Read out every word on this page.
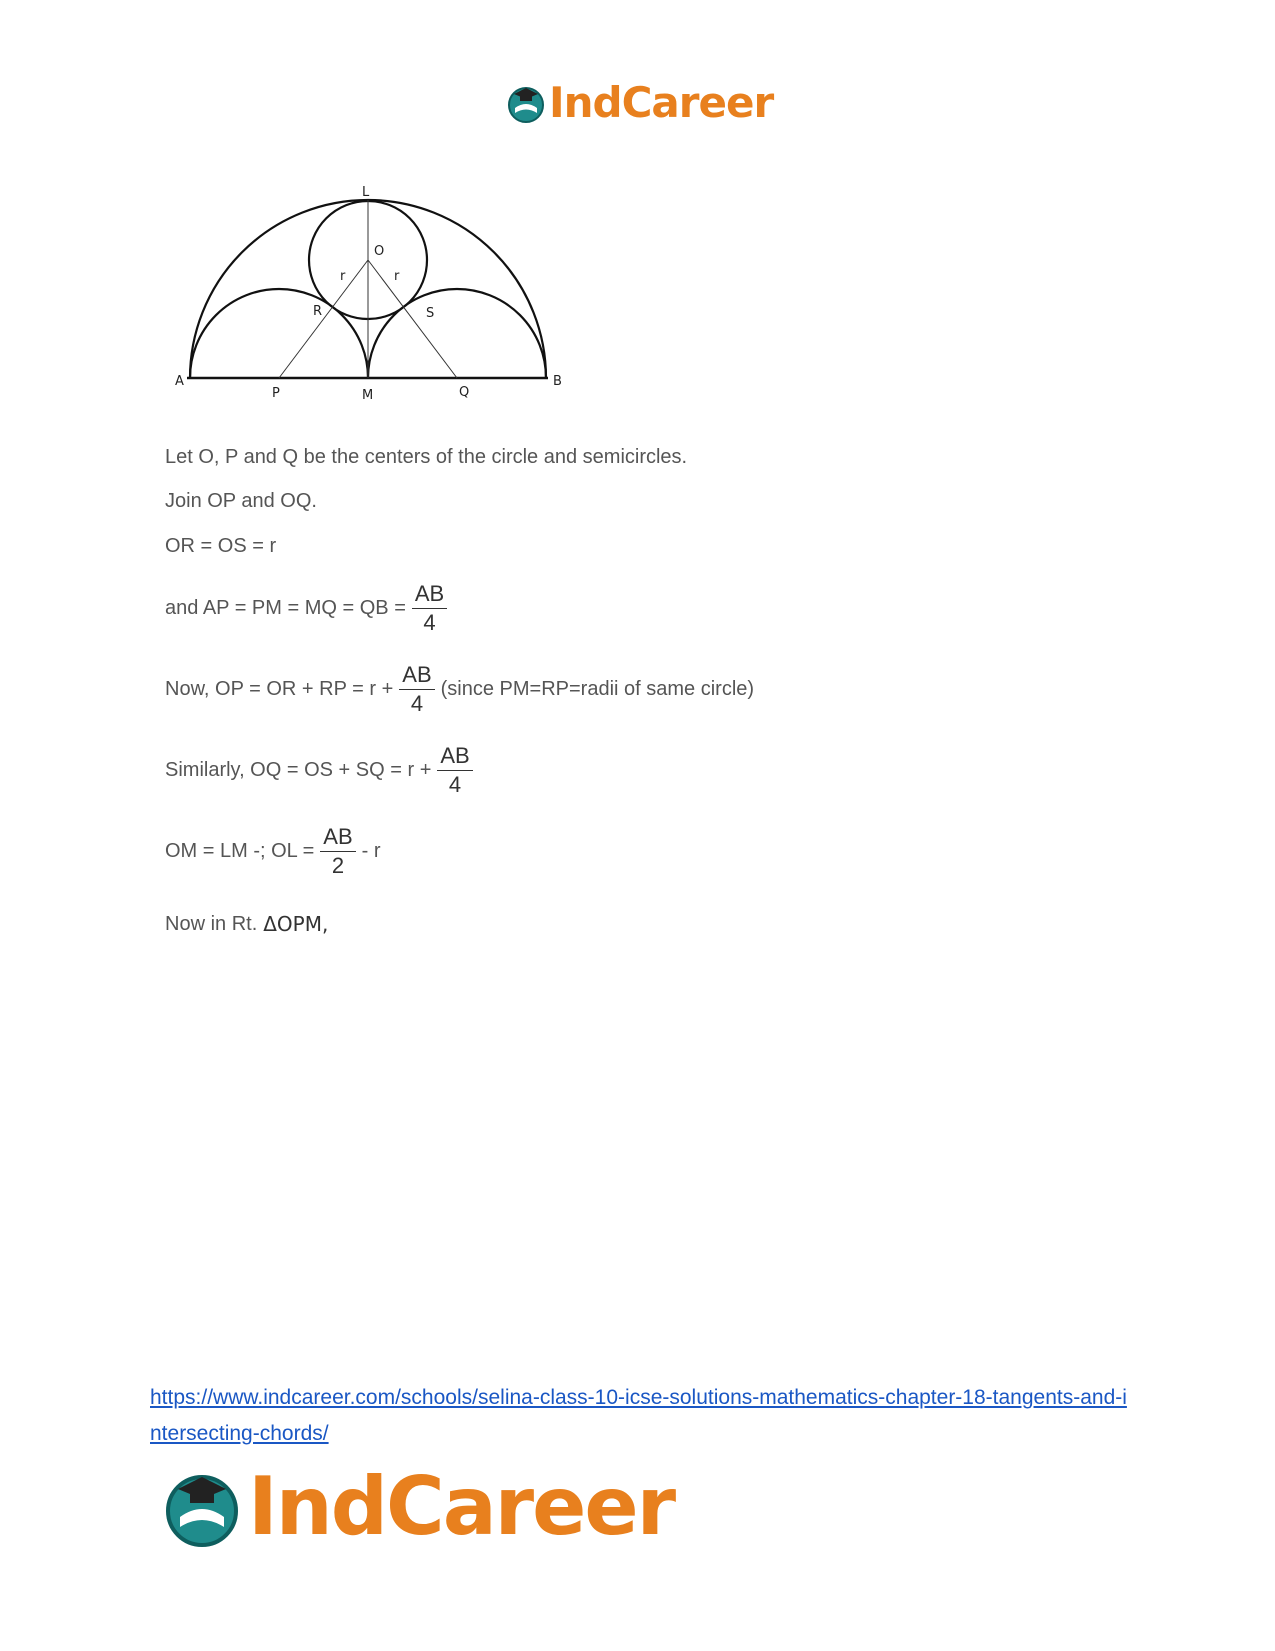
IndCareer
L
O
r	r
R	S
A
P	M	Q
B
Let O, P and Q be the centers of the circle and semicircles.
Join OP and OQ.
OR = OS = r
and AP = PM = MQ = QB = $\frac{AB}{4}$
Now, OP = OR + RP = $r + \frac{AB}{4}$ (since PM=RP=radii of same circle)
Similarly, OQ = OS + SQ = $r + \frac{AB}{4}$
OM = LM -; OL = $\frac{AB}{2}$ - r
Now in Rt. ΔOPM,
https://www.indcareer.com/schools/selina-class-10-icse-solutions-mathematics-chapter-18-tangents-and-intersecting-chords/
IndCareer
